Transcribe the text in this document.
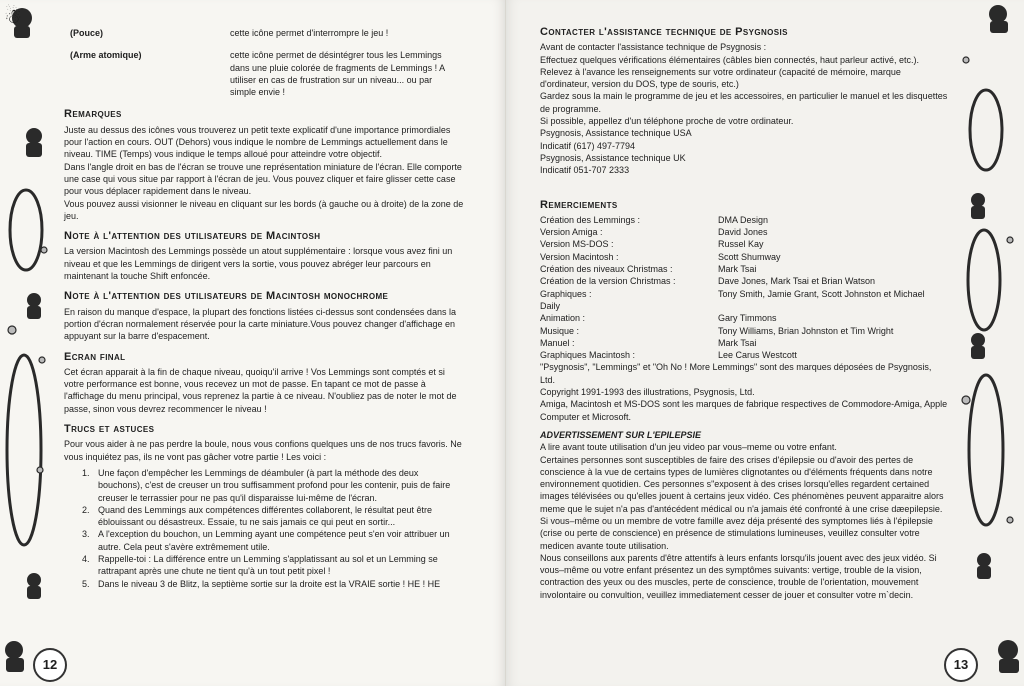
☃
12
(Pouce)	cette icône permet d'interrompre le jeu !
(Arme atomique)	cette icône permet de désintégrer tous les Lemmings dans une pluie colorée de fragments de Lemmings ! A utiliser en cas de frustration sur un niveau... ou par simple envie !
Remarques

Juste au dessus des icônes vous trouverez un petit texte explicatif d'une importance primordiales pour l'action en cours. OUT (Dehors) vous indique le nombre de Lemmings actuellement dans le niveau. TIME (Temps) vous indique le temps alloué pour atteindre votre objectif.

Dans l'angle droit en bas de l'écran se trouve une représentation miniature de l'écran. Elle comporte une case qui vous situe par rapport à l'écran de jeu. Vous pouvez cliquer et faire glisser cette case pour vous déplacer rapidement dans le niveau.

Vous pouvez aussi visionner le niveau en cliquant sur les bords (à gauche ou à droite) de la zone de jeu.

Note à l'attention des utilisateurs de Macintosh

La version Macintosh des Lemmings possède un atout supplémentaire : lorsque vous avez fini un niveau et que les Lemmings de dirigent vers la sortie, vous pouvez abréger leur parcours en maintenant la touche Shift enfoncée.

Note à l'attention des utilisateurs de Macintosh monochrome

En raison du manque d'espace, la plupart des fonctions listées ci-dessus sont condensées dans la portion d'écran normalement réservée pour la carte miniature.Vous pouvez changer d'affichage en appuyant sur la barre d'espacement.

Ecran final

Cet écran apparait à la fin de chaque niveau, quoiqu'il arrive ! Vos Lemmings sont comptés et si votre performance est bonne, vous recevez un mot de passe. En tapant ce mot de passe à l'affichage du menu principal, vous reprenez la partie à ce niveau. N'oubliez pas de noter le mot de passe, sinon vous devrez recommencer le niveau !

Trucs et astuces

Pour vous aider à ne pas perdre la boule, nous vous confions quelques uns de nos trucs favoris. Ne vous inquiétez pas, ils ne vont pas gâcher votre partie ! Les voici :

1. Une façon d'empêcher les Lemmings de déambuler (à part la méthode des deux bouchons), c'est de creuser un trou suffisamment profond pour les contenir, puis de faire creuser le terrassier pour ne pas qu'il disparaisse lui-même de l'écran.
2. Quand des Lemmings aux compétences différentes collaborent, le résultat peut être éblouissant ou désastreux. Essaie, tu ne sais jamais ce qui peut en sortir...
3. A l'exception du bouchon, un Lemming ayant une compétence peut s'en voir attribuer un autre. Cela peut s'avère extrêmement utile.
4. Rappelle-toi : La différence entre un Lemming s'applatissant au sol et un Lemming se rattrapant après une chute ne tient qu'à un tout petit pixel !
5. Dans le niveau 3 de Blitz, la septième sortie sur la droite est la VRAIE sortie ! HE ! HE
13
Contacter l'assistance technique de Psygnosis

Avant de contacter l'assistance technique de Psygnosis :

Effectuez quelques vérifications élémentaires (câbles bien connectés, haut parleur activé, etc.).

Relevez à l'avance les renseignements sur votre ordinateur (capacité de mémoire, marque d'ordinateur, version du DOS, type de souris, etc.)

Gardez sous la main le programme de jeu et les accessoires, en particulier le manuel et les disquettes de programme.

Si possible, appellez d'un téléphone proche de votre ordinateur.

Psygnosis, Assistance technique USA

Indicatif (617) 497-7794

Psygnosis, Assistance technique UK

Indicatif 051-707 2333

Remerciements
Création des Lemmings :	DMA Design
Version Amiga :	David Jones
Version MS-DOS :	Russel Kay
Version Macintosh :	Scott Shumway
Création des niveaux Christmas :	Mark Tsai
Création de la version Christmas :	Dave Jones, Mark Tsai et Brian Watson
Graphiques :	Tony Smith, Jamie Grant, Scott Johnston et Michael
Daily
Animation :	Gary Timmons
Musique :	Tony Williams, Brian Johnston et Tim Wright
Manuel :	Mark Tsai
Graphiques Macintosh :	Lee Carus Westcott

"Psygnosis", "Lemmings" et "Oh No ! More Lemmings" sont des marques déposées de Psygnosis, Ltd.

Copyright 1991-1993 des illustrations, Psygnosis, Ltd.

Amiga, Macintosh et MS-DOS sont les marques de fabrique respectives de Commodore-Amiga, Apple Computer et Microsoft.

ADVERTISSEMENT SUR L'EPILEPSIE

A lire avant toute utilisation d'un jeu video par vous–meme ou votre enfant.

Certaines personnes sont susceptibles de faire des crises d'épilepsie ou d'avoir des pertes de conscience à la vue de certains types de lumières clignotantes ou d'éléments fréquents dans notre environnement quotidien. Ces personnes s"exposent à des crises lorsqu'elles regardent certained images télévisées ou qu'elles jouent à certains jeux vidéo. Ces phénomènes peuvent apparaitre alors meme que le sujet n'a pas d'antécédent médical ou n'a jamais été confronté à une crise dæepilepsie.

Si vous–même ou un membre de votre famille avez déja présenté des symptomes liés à l'épilepsie (crise ou perte de conscience) en présence de stimulations lumineuses, veuillez consulter votre medicen avante toute utilisation.

Nous conseillons aux parents d'être attentifs à leurs enfants lorsqu'ils jouent avec des jeux vidéo. Si vous–même ou votre enfant présentez un des symptômes suivants: vertige, trouble de la vision, contraction des yeux ou des muscles, perte de conscience, trouble de l'orientation, mouvement involontaire ou convultion, veuillez immediatement cesser de jouer et consulter votre m`decin.
